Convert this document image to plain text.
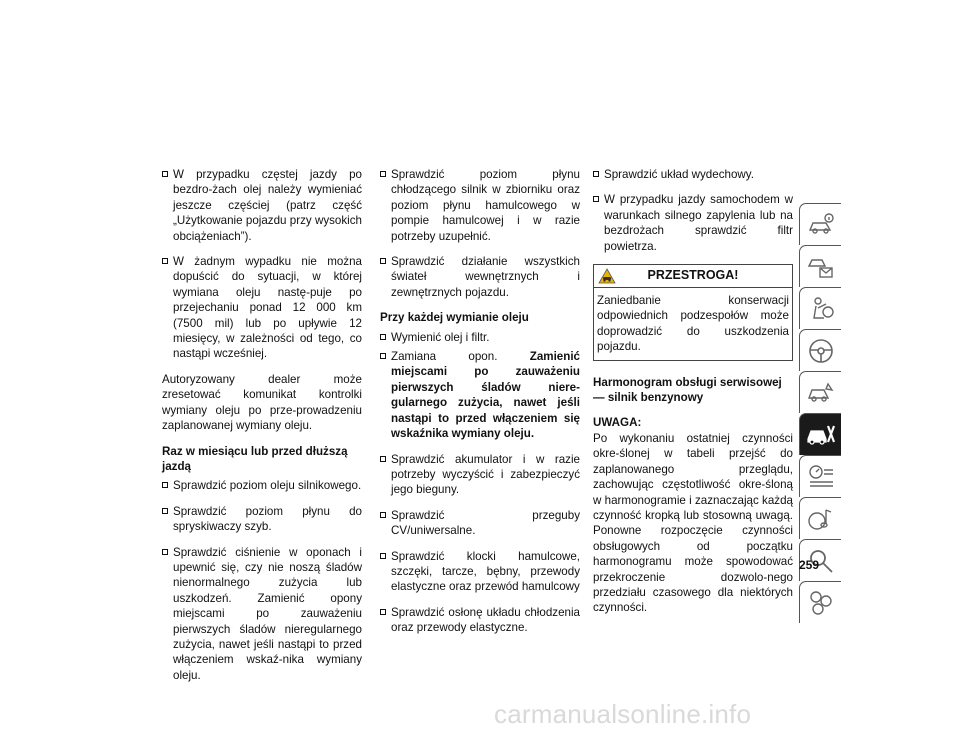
W przypadku częstej jazdy po bezdro-żach olej należy wymieniać jeszcze częściej (patrz część „Użytkowanie pojazdu przy wysokich obciążeniach”).
W żadnym wypadku nie można dopuścić do sytuacji, w której wymiana oleju nastę-puje po przejechaniu ponad 12 000 km (7500 mil) lub po upływie 12 miesięcy, w zależności od tego, co nastąpi wcześniej.

Autoryzowany dealer może zresetować komunikat kontrolki wymiany oleju po prze-prowadzeniu zaplanowanej wymiany oleju.

Raz w miesiącu lub przed dłuższą jazdą
Sprawdzić poziom oleju silnikowego.
Sprawdzić poziom płynu do spryskiwaczy szyb.
Sprawdzić ciśnienie w oponach i upewnić się, czy nie noszą śladów nienormalnego zużycia lub uszkodzeń. Zamienić opony miejscami po zauważeniu pierwszych śladów nieregularnego zużycia, nawet jeśli nastąpi to przed włączeniem wskaź-nika wymiany oleju.
Sprawdzić poziom płynu chłodzącego silnik w zbiorniku oraz poziom płynu hamulcowego w pompie hamulcowej i w razie potrzeby uzupełnić.
Sprawdzić działanie wszystkich świateł wewnętrznych i zewnętrznych pojazdu.
Przy każdej wymianie oleju
Wymienić olej i filtr.
Zamiana opon. Zamienić miejscami po zauważeniu pierwszych śladów niere-gularnego zużycia, nawet jeśli nastąpi to przed włączeniem się wskaźnika wymiany oleju.
Sprawdzić akumulator i w razie potrzeby wyczyścić i zabezpieczyć jego bieguny.
Sprawdzić przeguby CV/uniwersalne.
Sprawdzić klocki hamulcowe, szczęki, tarcze, bębny, przewody elastyczne oraz przewód hamulcowy
Sprawdzić osłonę układu chłodzenia oraz przewody elastyczne.
Sprawdzić układ wydechowy.
W przypadku jazdy samochodem w warunkach silnego zapylenia lub na bezdrożach sprawdzić filtr powietrza.
PRZESTROGA!
Zaniedbanie konserwacji odpowiednich podzespołów może doprowadzić do uszkodzenia pojazdu.
Harmonogram obsługi serwisowej — silnik benzynowy

UWAGA:

Po wykonaniu ostatniej czynności okre-ślonej w tabeli przejść do zaplanowanego przeglądu, zachowując częstotliwość okre-śloną w harmonogramie i zaznaczając każdą czynność kropką lub stosowną uwagą. Ponowne rozpoczęcie czynności obsługowych od początku harmonogramu może spowodować przekroczenie dozwolo-nego przedziału czasowego dla niektórych czynności.

259
carmanualsonline.info
